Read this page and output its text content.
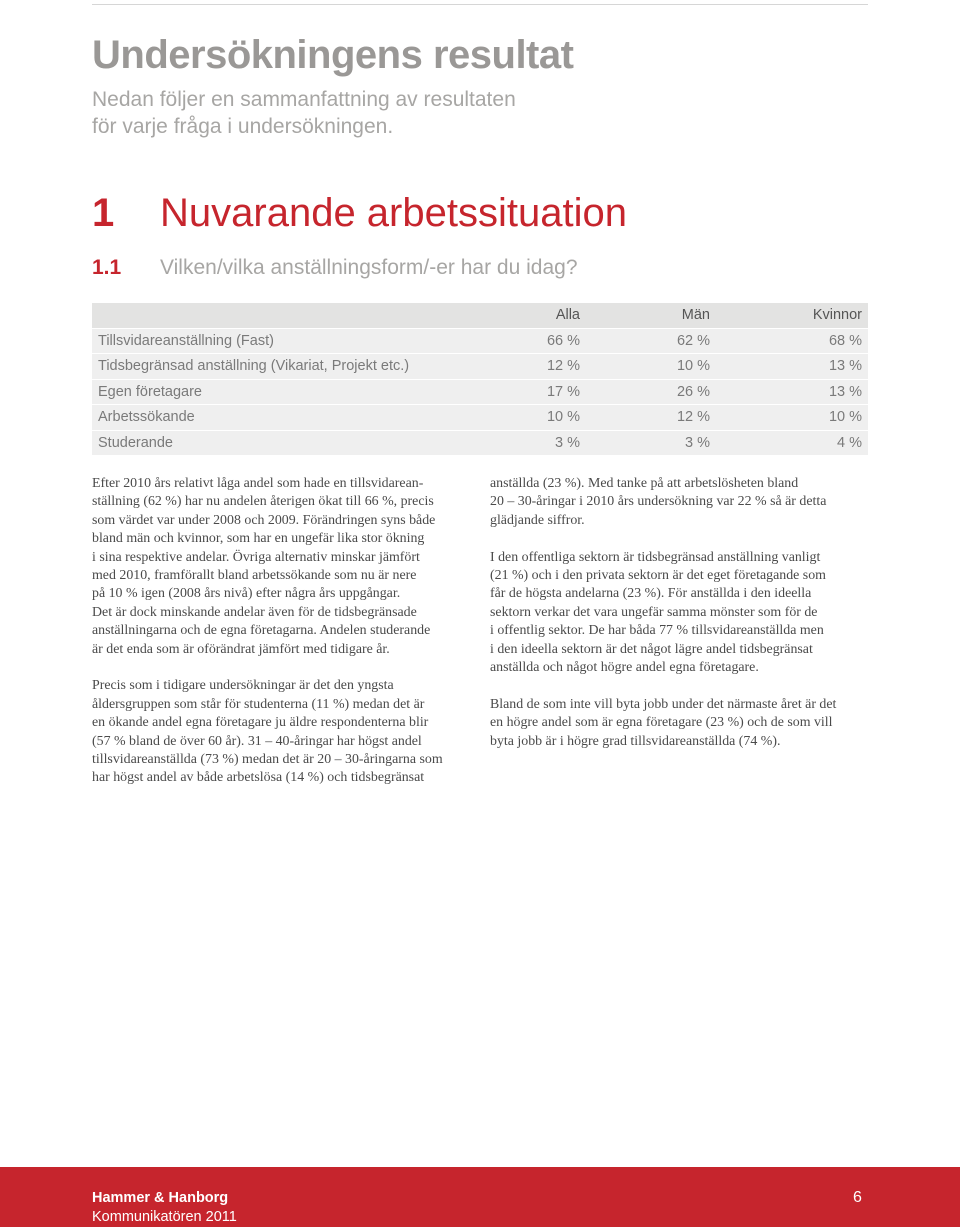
Undersökningens resultat
Nedan följer en sammanfattning av resultaten
för varje fråga i undersökningen.
1 Nuvarande arbetssituation
1.1 Vilken/vilka anställningsform/-er har du idag?
	Alla	Män	Kvinnor
Tillsvidareanställning (Fast)	66 %	62 %	68 %
Tidsbegränsad anställning (Vikariat, Projekt etc.)	12 %	10 %	13 %
Egen företagare	17 %	26 %	13 %
Arbetssökande	10 %	12 %	10 %
Studerande	3 %	3 %	4 %

Efter 2010 års relativt låga andel som hade en tillsvidarean-
ställning (62 %) har nu andelen återigen ökat till 66 %, precis
som värdet var under 2008 och 2009. Förändringen syns både
bland män och kvinnor, som har en ungefär lika stor ökning
i sina respektive andelar. Övriga alternativ minskar jämfört
med 2010, framförallt bland arbetssökande som nu är nere
på 10 % igen (2008 års nivå) efter några års uppgångar.
Det är dock minskande andelar även för de tidsbegränsade
anställningarna och de egna företagarna. Andelen studerande
är det enda som är oförändrat jämfört med tidigare år.

Precis som i tidigare undersökningar är det den yngsta
åldersgruppen som står för studenterna (11 %) medan det är
en ökande andel egna företagare ju äldre respondenterna blir
(57 % bland de över 60 år). 31 – 40-åringar har högst andel
tillsvidareanställda (73 %) medan det är 20 – 30-åringarna som
har högst andel av både arbetslösa (14 %) och tidsbegränsat

anställda (23 %). Med tanke på att arbetslösheten bland
20 – 30-åringar i 2010 års undersökning var 22 % så är detta
glädjande siffror.

I den offentliga sektorn är tidsbegränsad anställning vanligt
(21 %) och i den privata sektorn är det eget företagande som
får de högsta andelarna (23 %). För anställda i den ideella
sektorn verkar det vara ungefär samma mönster som för de
i offentlig sektor. De har båda 77 % tillsvidareanställda men
i den ideella sektorn är det något lägre andel tidsbegränsat
anställda och något högre andel egna företagare.

Bland de som inte vill byta jobb under det närmaste året är det
en högre andel som är egna företagare (23 %) och de som vill
byta jobb är i högre grad tillsvidareanställda (74 %).

Hammer & Hanborg
Kommunikatören 2011
6
